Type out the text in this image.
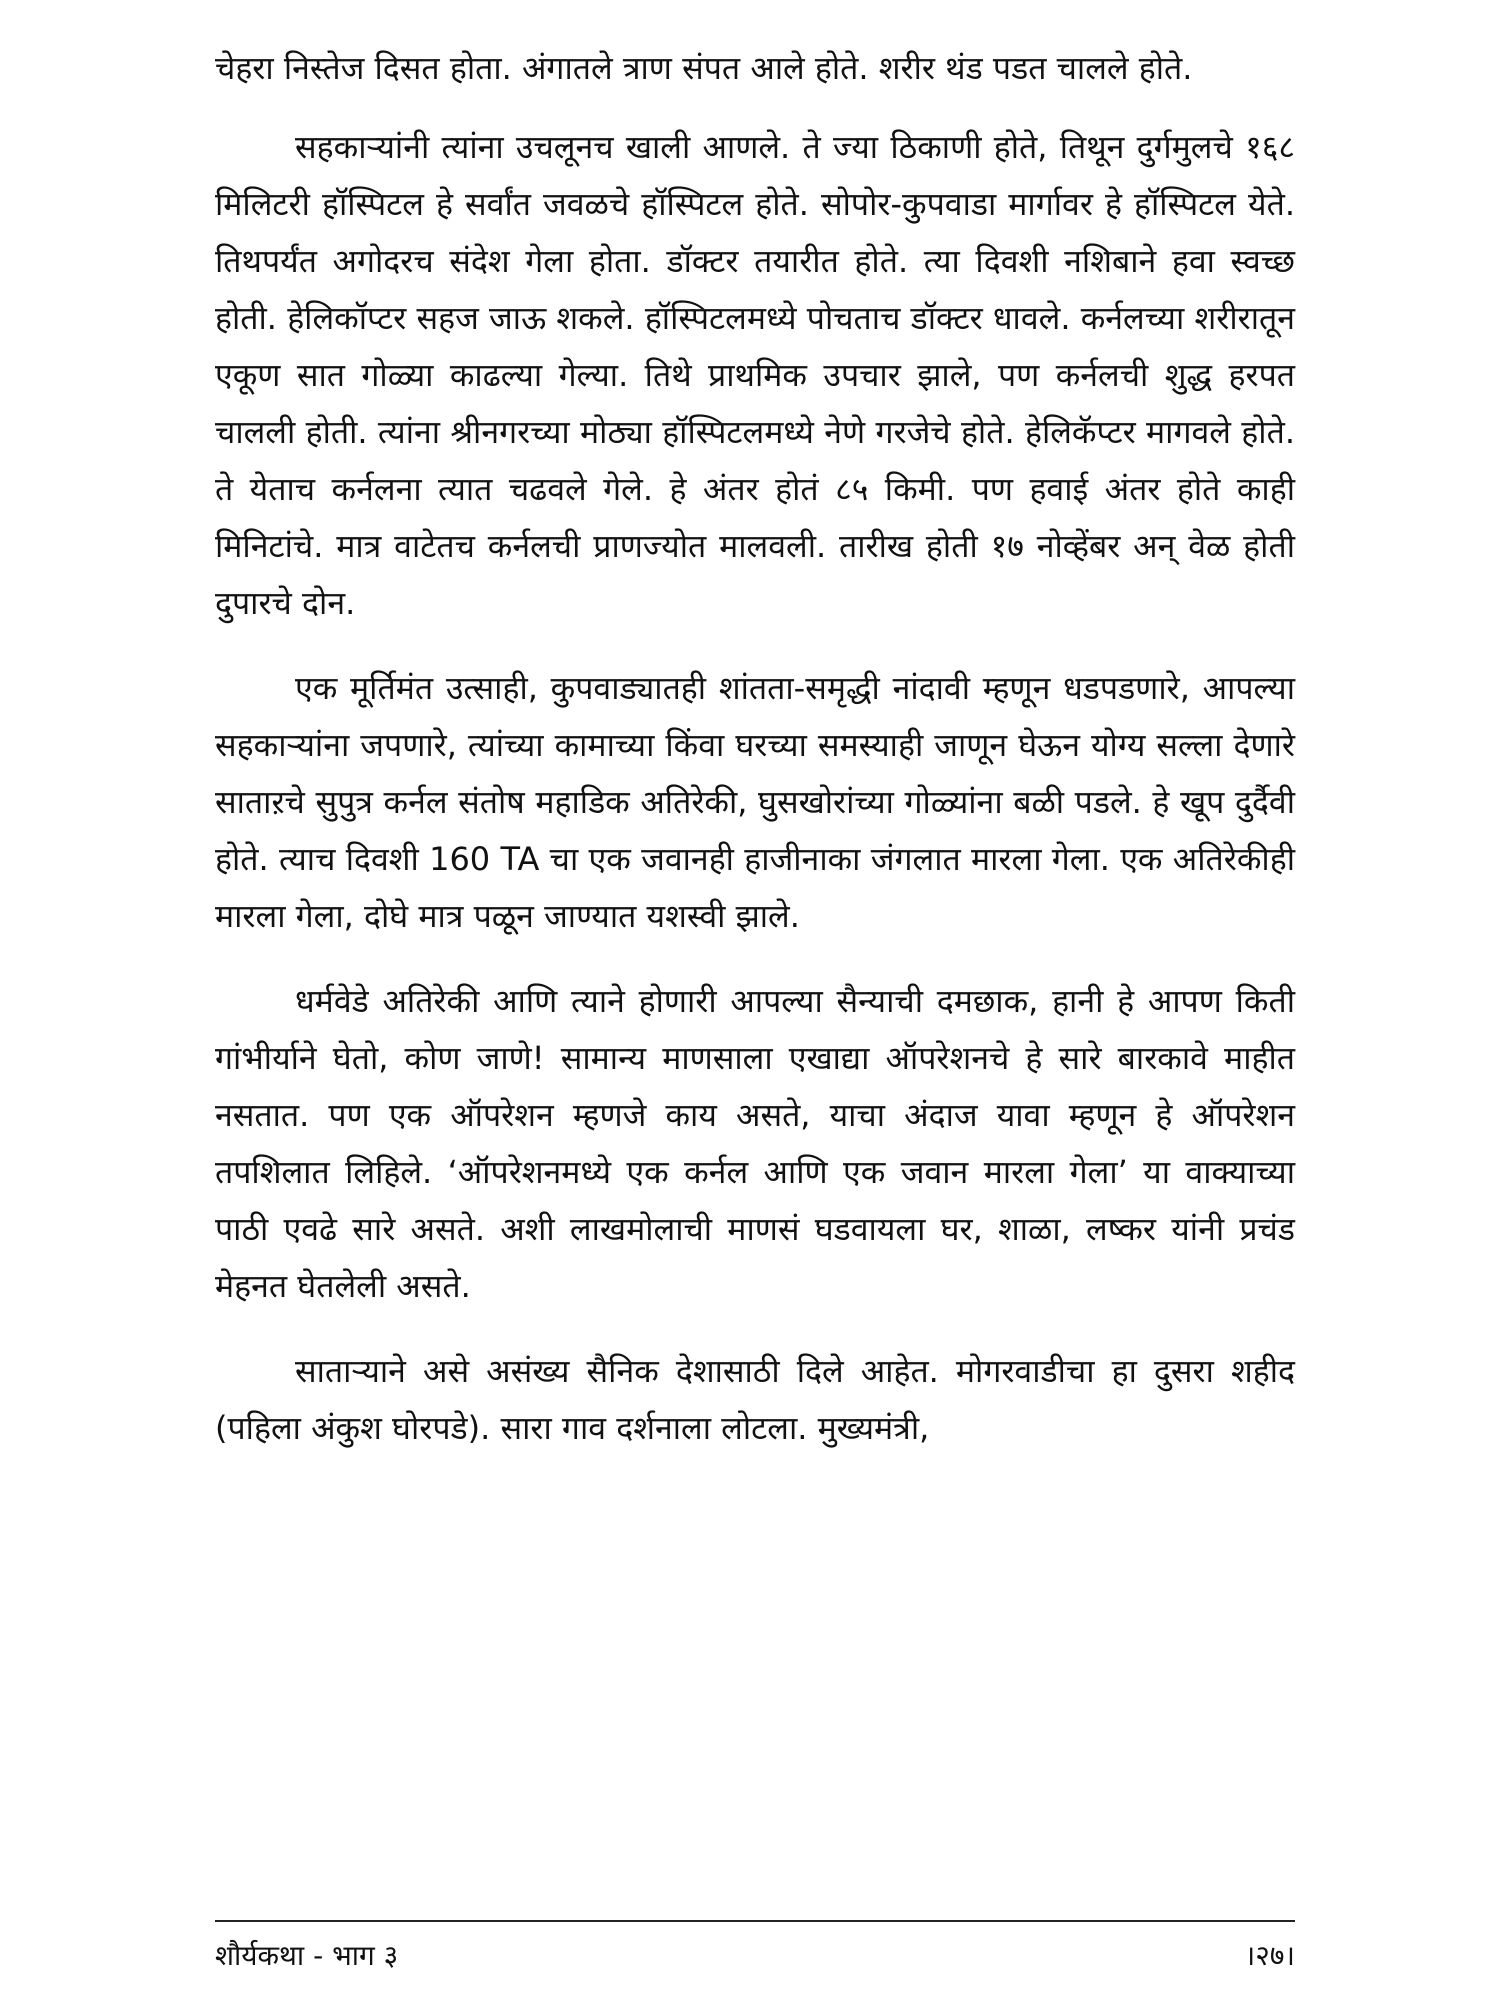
चेहरा निस्तेज दिसत होता. अंगातले त्राण संपत आले होते. शरीर थंड पडत चालले होते.

सहकाऱ्यांनी त्यांना उचलूनच खाली आणले. ते ज्या ठिकाणी होते, तिथून दुर्गमुलचे १६८ मिलिटरी हॉस्पिटल हे सर्वांत जवळचे हॉस्पिटल होते. सोपोर-कुपवाडा मार्गावर हे हॉस्पिटल येते. तिथपर्यंत अगोदरच संदेश गेला होता. डॉक्टर तयारीत होते. त्या दिवशी नशिबाने हवा स्वच्छ होती. हेलिकॉप्टर सहज जाऊ शकले. हॉस्पिटलमध्ये पोचताच डॉक्टर धावले. कर्नलच्या शरीरातून एकूण सात गोळ्या काढल्या गेल्या. तिथे प्राथमिक उपचार झाले, पण कर्नलची शुद्ध हरपत चालली होती. त्यांना श्रीनगरच्या मोठ्या हॉस्पिटलमध्ये नेणे गरजेचे होते. हेलिकॅप्टर मागवले होते. ते येताच कर्नलना त्यात चढवले गेले. हे अंतर होतं ८५ किमी. पण हवाई अंतर होते काही मिनिटांचे. मात्र वाटेतच कर्नलची प्राणज्योत मालवली. तारीख होती १७ नोव्हेंबर अन् वेळ होती दुपारचे दोन.

एक मूर्तिमंत उत्साही, कुपवाड्यातही शांतता-समृद्धी नांदावी म्हणून धडपडणारे, आपल्या सहकाऱ्यांना जपणारे, त्यांच्या कामाच्या किंवा घरच्या समस्याही जाणून घेऊन योग्य सल्ला देणारे साताऱचे सुपुत्र कर्नल संतोष महाडिक अतिरेकी, घुसखोरांच्या गोळ्यांना बळी पडले. हे खूप दुर्दैवी होते. त्याच दिवशी 160 TA चा एक जवानही हाजीनाका जंगलात मारला गेला. एक अतिरेकीही मारला गेला, दोघे मात्र पळून जाण्यात यशस्वी झाले.

धर्मवेडे अतिरेकी आणि त्याने होणारी आपल्या सैन्याची दमछाक, हानी हे आपण किती गांभीर्याने घेतो, कोण जाणे! सामान्य माणसाला एखाद्या ऑपरेशनचे हे सारे बारकावे माहीत नसतात. पण एक ऑपरेशन म्हणजे काय असते, याचा अंदाज यावा म्हणून हे ऑपरेशन तपशिलात लिहिले. ‘ऑपरेशनमध्ये एक कर्नल आणि एक जवान मारला गेला’ या वाक्याच्या पाठी एवढे सारे असते. अशी लाखमोलाची माणसं घडवायला घर, शाळा, लष्कर यांनी प्रचंड मेहनत घेतलेली असते.

साताऱ्याने असे असंख्य सैनिक देशासाठी दिले आहेत. मोगरवाडीचा हा दुसरा शहीद (पहिला अंकुश घोरपडे). सारा गाव दर्शनाला लोटला. मुख्यमंत्री,

शौर्यकथा - भाग ३	।२७।
